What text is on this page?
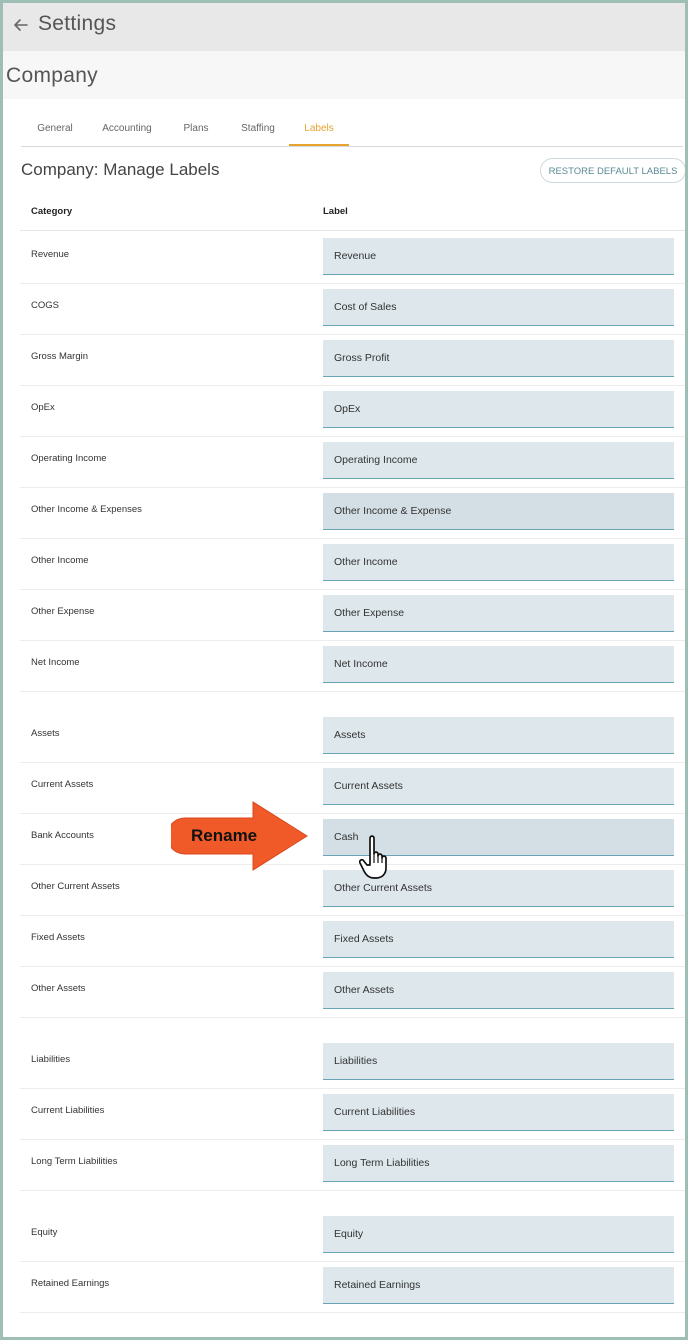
Settings
Company
General	Accounting	Plans	Staffing	Labels
Company: Manage Labels	RESTORE DEFAULT LABELS
Category	Label
Revenue	Revenue
COGS	Cost of Sales
Gross Margin	Gross Profit
OpEx	OpEx
Operating Income	Operating Income
Other Income & Expenses	Other Income & Expense
Other Income	Other Income
Other Expense	Other Expense
Net Income	Net Income
Assets	Assets
Current Assets	Current Assets
Bank Accounts	Cash
Other Current Assets	Other Current Assets
Fixed Assets	Fixed Assets
Other Assets	Other Assets
Liabilities	Liabilities
Current Liabilities	Current Liabilities
Long Term Liabilities	Long Term Liabilities
Equity	Equity
Retained Earnings	Retained Earnings
Rename
